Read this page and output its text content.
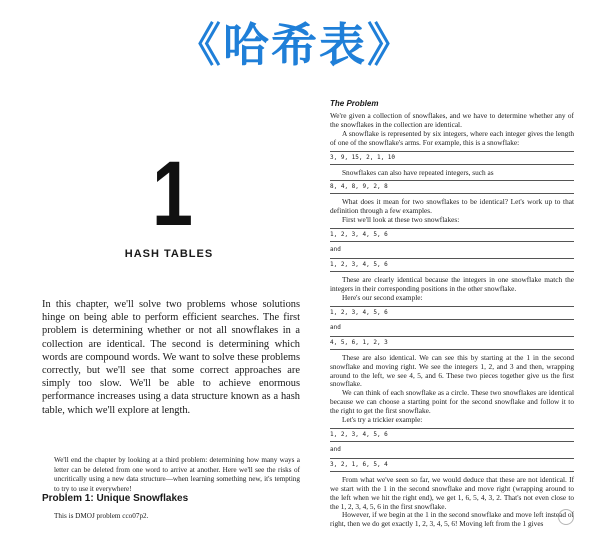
《哈希表》
1
HASH TABLES

In this chapter, we'll solve two problems whose solutions hinge on being able to perform efficient searches. The first problem is determining whether or not all snowflakes in a collection are identical. The second is determining which words are compound words. We want to solve these problems correctly, but we'll see that some correct approaches are simply too slow. We'll be able to achieve enormous performance increases using a data structure known as a hash table, which we'll explore at length.

We'll end the chapter by looking at a third problem: determining how many ways a letter can be deleted from one word to arrive at another. Here we'll see the risks of uncritically using a new data structure—when learning something new, it's tempting to try to use it everywhere!

Problem 1: Unique Snowflakes
This is DMOJ problem cco07p2.
The Problem

We're given a collection of snowflakes, and we have to determine whether any of the snowflakes in the collection are identical.

A snowflake is represented by six integers, where each integer gives the length of one of the snowflake's arms. For example, this is a snowflake:

3, 9, 15, 2, 1, 10

Snowflakes can also have repeated integers, such as

8, 4, 8, 9, 2, 8

What does it mean for two snowflakes to be identical? Let's work up to that definition through a few examples.

First we'll look at these two snowflakes:

1, 2, 3, 4, 5, 6
and
1, 2, 3, 4, 5, 6

These are clearly identical because the integers in one snowflake match the integers in their corresponding positions in the other snowflake.

Here's our second example:

1, 2, 3, 4, 5, 6
and
4, 5, 6, 1, 2, 3

These are also identical. We can see this by starting at the 1 in the second snowflake and moving right. We see the integers 1, 2, and 3 and then, wrapping around to the left, we see 4, 5, and 6. These two pieces together give us the first snowflake.

We can think of each snowflake as a circle. These two snowflakes are identical because we can choose a starting point for the second snowflake and follow it to the right to get the first snowflake.

Let's try a trickier example:

1, 2, 3, 4, 5, 6
and
3, 2, 1, 6, 5, 4

From what we've seen so far, we would deduce that these are not identical. If we start with the 1 in the second snowflake and move right (wrapping around to the left when we hit the right end), we get 1, 6, 5, 4, 3, 2. That's not even close to the 1, 2, 3, 4, 5, 6 in the first snowflake.

However, if we begin at the 1 in the second snowflake and move left instead of right, then we do get exactly 1, 2, 3, 4, 5, 6! Moving left from the 1 gives
